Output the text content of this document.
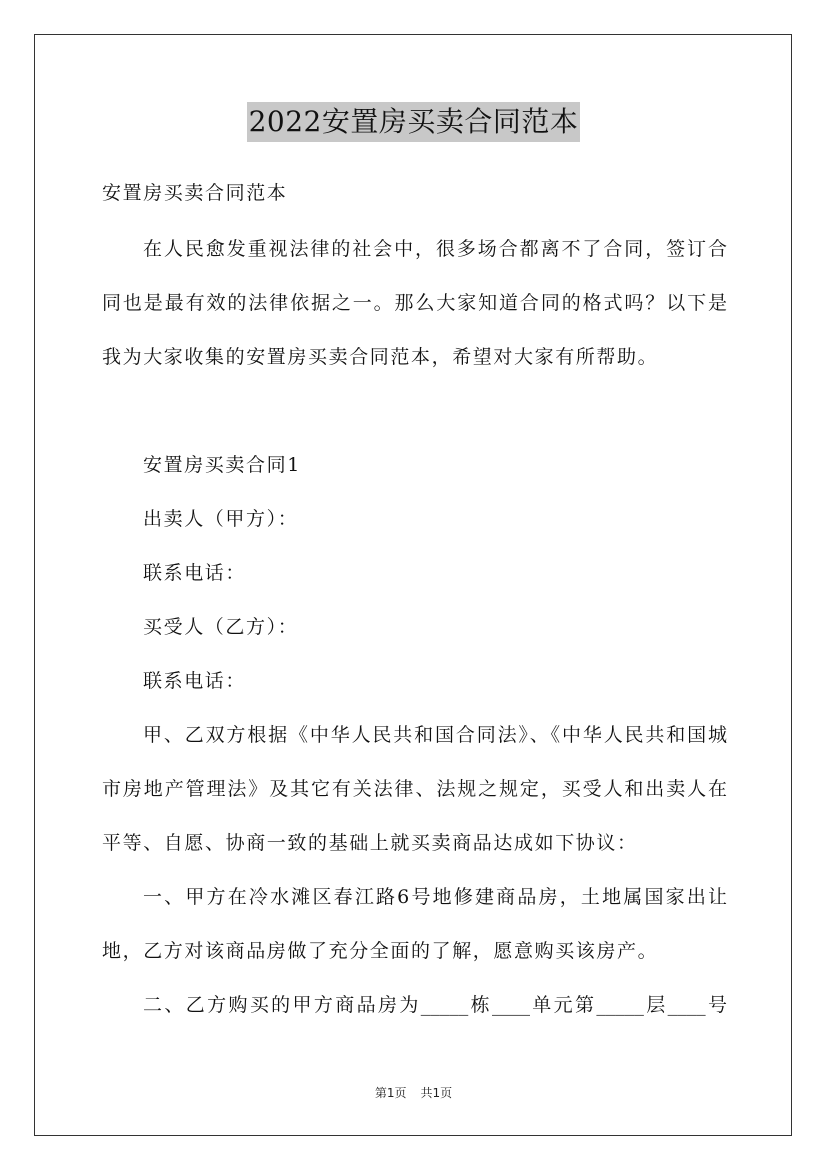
2022安置房买卖合同范本
安置房买卖合同范本
在人民愈发重视法律的社会中，很多场合都离不了合同，签订合
同也是最有效的法律依据之一。那么大家知道合同的格式吗？以下是
我为大家收集的安置房买卖合同范本，希望对大家有所帮助。
安置房买卖合同1
出卖人（甲方）：
联系电话：
买受人（乙方）：
联系电话：
甲、乙双方根据《中华人民共和国合同法》、《中华人民共和国城
市房地产管理法》及其它有关法律、法规之规定，买受人和出卖人在
平等、自愿、协商一致的基础上就买卖商品达成如下协议：
一、甲方在冷水滩区春江路6号地修建商品房，土地属国家出让
地，乙方对该商品房做了充分全面的了解，愿意购买该房产。
二、乙方购买的甲方商品房为_____栋____单元第_____层____号
第1页 共1页
